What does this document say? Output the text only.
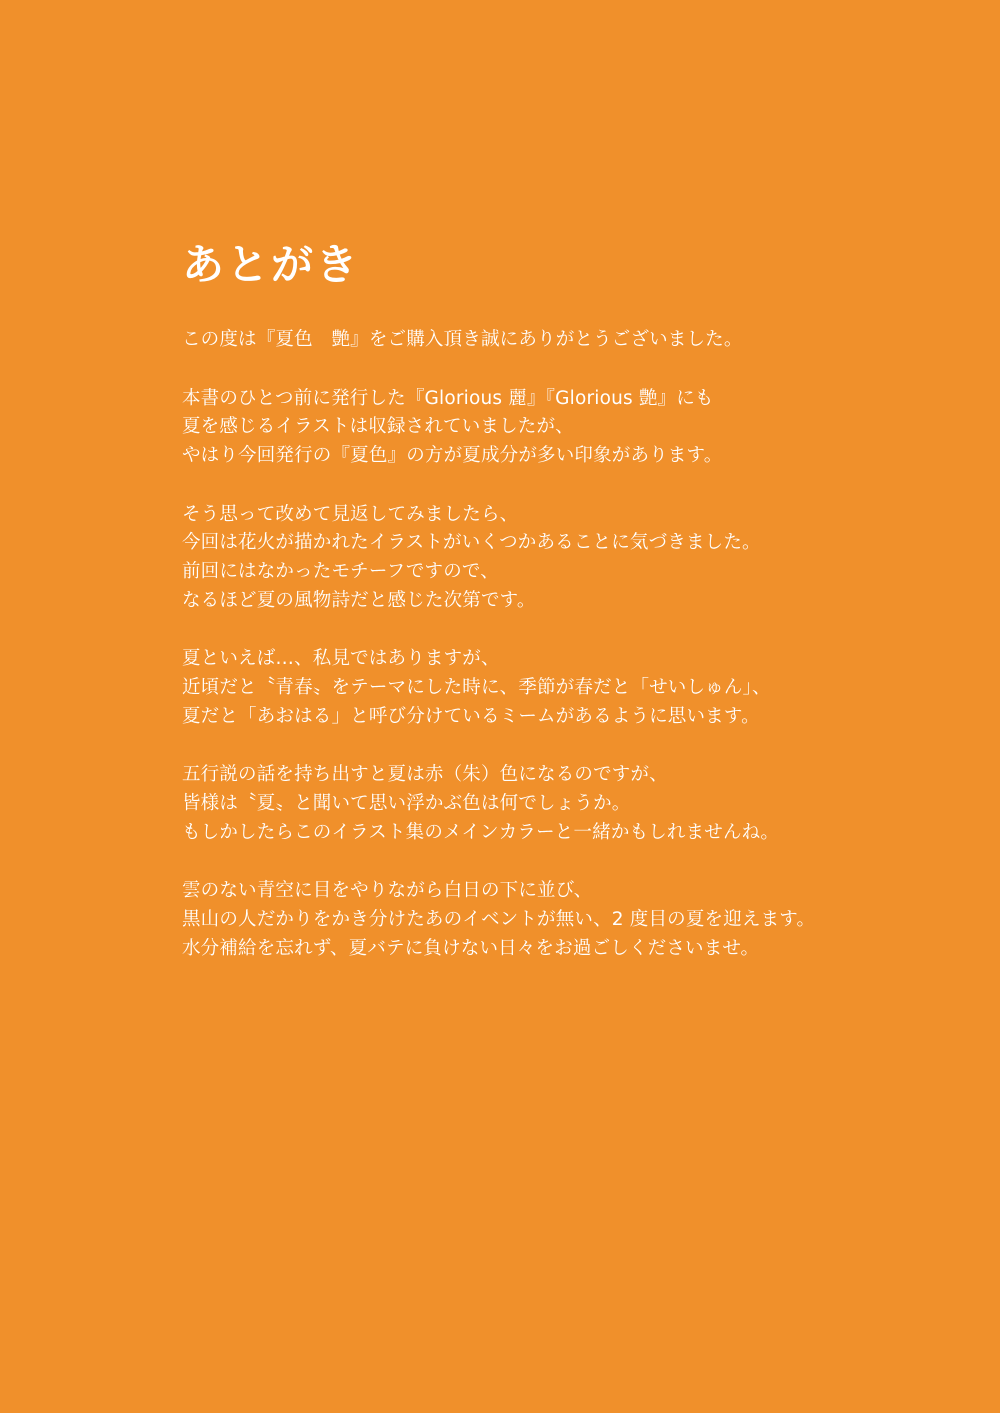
あとがき

この度は『夏色　艶』をご購入頂き誠にありがとうございました。

本書のひとつ前に発行した『Glorious 麗』『Glorious 艶』にも
夏を感じるイラストは収録されていましたが、
やはり今回発行の『夏色』の方が夏成分が多い印象があります。

そう思って改めて見返してみましたら、
今回は花火が描かれたイラストがいくつかあることに気づきました。
前回にはなかったモチーフですので、
なるほど夏の風物詩だと感じた次第です。

夏といえば…、私見ではありますが、
近頃だと〝青春〟をテーマにした時に、季節が春だと「せいしゅん」、
夏だと「あおはる」と呼び分けているミームがあるように思います。

五行説の話を持ち出すと夏は赤（朱）色になるのですが、
皆様は〝夏〟と聞いて思い浮かぶ色は何でしょうか。
もしかしたらこのイラスト集のメインカラーと一緒かもしれませんね。

雲のない青空に目をやりながら白日の下に並び、
黒山の人だかりをかき分けたあのイベントが無い、2 度目の夏を迎えます。
水分補給を忘れず、夏バテに負けない日々をお過ごしくださいませ。
